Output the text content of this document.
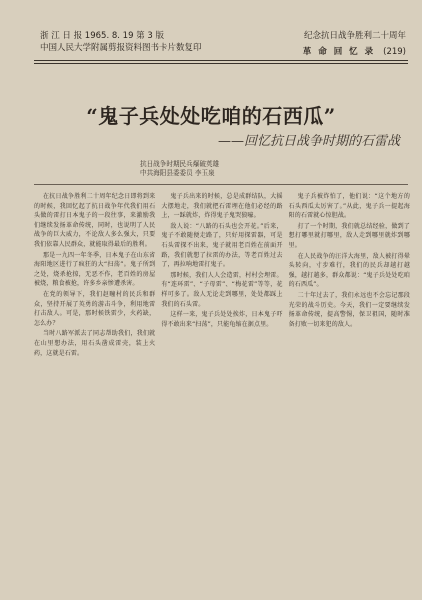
浙 江 日 报 1965. 8. 19 第 3 版
中国人民大学附属剪报资料图书卡片数复印
纪念抗日战争胜利二十周年
革 命 回 忆 录 (219)
“鬼子兵处处吃咱的石西瓜”
——回忆抗日战争时期的石雷战
抗日战争时期民兵爆破英雄
中共海阳县委委员 李玉泉

在抗日战争胜利二十周年纪念日即将到来的时候，我回忆起了抗日战争年代我们用石头做的雷打日本鬼子的一段往事，来激励我们继续发扬革命传统，同时，也说明了人民战争的巨大威力，不论敌人多么强大，只要我们依靠人民群众，就能取得最后的胜利。

那是一九四一年冬季，日本鬼子在山东省海阳地区进行了疯狂的大“扫荡”。鬼子所到之处，烧杀抢掠，无恶不作，老百姓的房屋被烧，粮食被抢，许多乡亲惨遭杀害。

在党的领导下，我们赵疃村的民兵和群众，坚持开展了英勇的游击斗争，利用地雷打击敌人。可是，那时候铁雷少，火药缺，怎么办？

当时八路军派去了同志帮助我们，我们就在山里想办法，用石头凿成雷壳，装上火药，这就是石雷。

鬼子兵出来的时候，总是成群结队，大摇大摆地走，我们就把石雷埋在他们必经的路上，一踩就炸，炸得鬼子鬼哭狼嚎。

敌人说：“八路的石头也会开花。”后来，鬼子不敢随便走路了，只好用探雷器，可是石头雷探不出来，鬼子就用老百姓在前面开路，我们就想了拉雷的办法，等老百姓过去了，再拉响地雷打鬼子。

那时候，我们人人会造雷，村村会埋雷。有“连环雷”、“子母雷”、“梅花雷”等等，花样可多了。敌人无论走到哪里，处处都踩上我们的石头雷。

这样一来，鬼子兵处处挨炸，日本鬼子吓得不敢出来“扫荡”，只能龟缩在据点里。

鬼子兵被炸怕了，他们说：“这个地方的石头西瓜太厉害了。”从此，鬼子兵一提起海阳的石雷就心惊胆战。

打了一个时期，我们就总结经验，做到了想打哪里就打哪里，敌人走到哪里就炸到哪里。

在人民战争的汪洋大海里，敌人被打得晕头转向，寸步难行，我们的民兵却越打越强，越打越多，群众都说：“鬼子兵处处吃咱的石西瓜”。

二十年过去了，我们永远也不会忘记那段光荣的战斗历史。今天，我们一定要继续发扬革命传统，提高警惕，保卫祖国，随时准备打败一切来犯的敌人。
